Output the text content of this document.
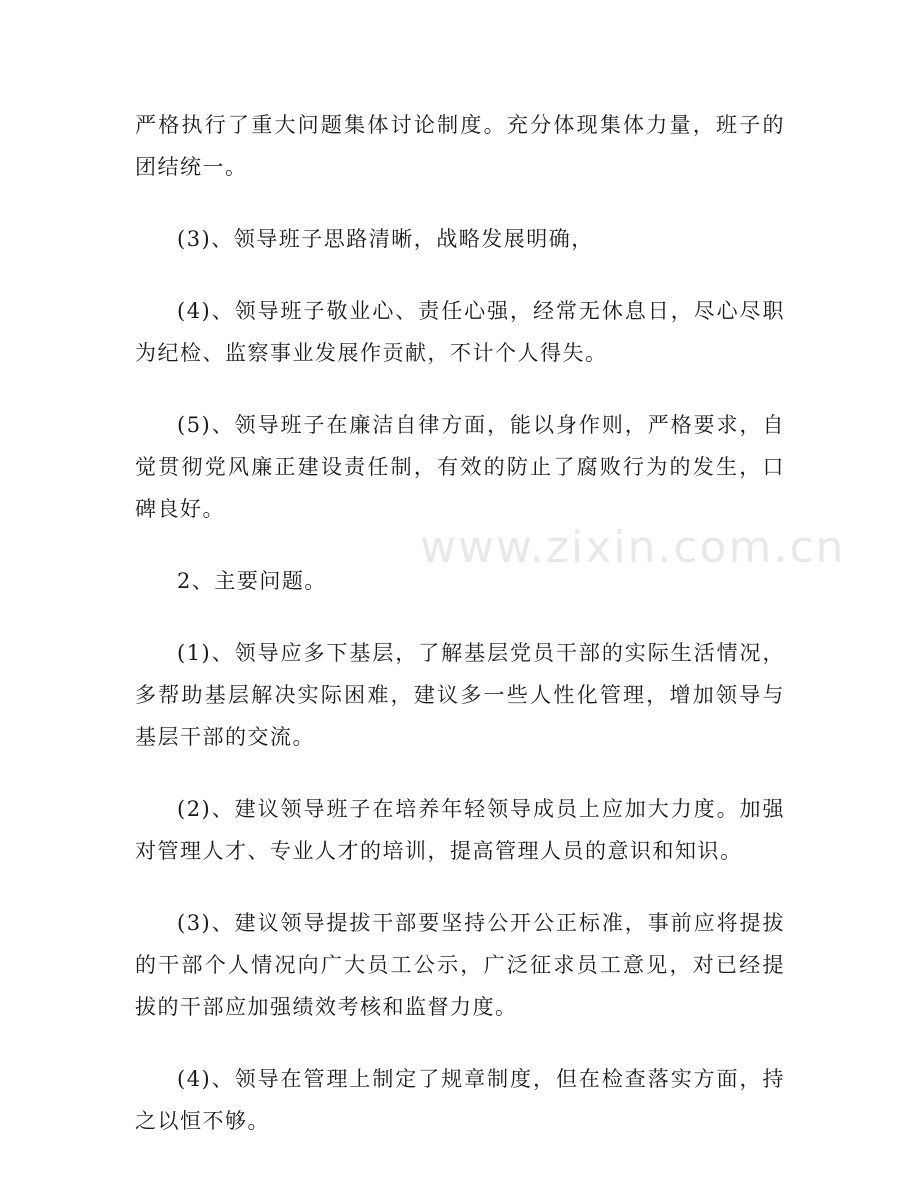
严格执行了重大问题集体讨论制度。充分体现集体力量，班子的团结统一。

(3)、领导班子思路清晰，战略发展明确，

(4)、领导班子敬业心、责任心强，经常无休息日，尽心尽职为纪检、监察事业发展作贡献，不计个人得失。

(5)、领导班子在廉洁自律方面，能以身作则，严格要求，自觉贯彻党风廉正建设责任制，有效的防止了腐败行为的发生，口碑良好。

2、主要问题。

(1)、领导应多下基层，了解基层党员干部的实际生活情况，多帮助基层解决实际困难，建议多一些人性化管理，增加领导与基层干部的交流。

(2)、建议领导班子在培养年轻领导成员上应加大力度。加强对管理人才、专业人才的培训，提高管理人员的意识和知识。

(3)、建议领导提拔干部要坚持公开公正标准，事前应将提拔的干部个人情况向广大员工公示，广泛征求员工意见，对已经提拔的干部应加强绩效考核和监督力度。

(4)、领导在管理上制定了规章制度，但在检查落实方面，持之以恒不够。

www.zixin.com.cn
